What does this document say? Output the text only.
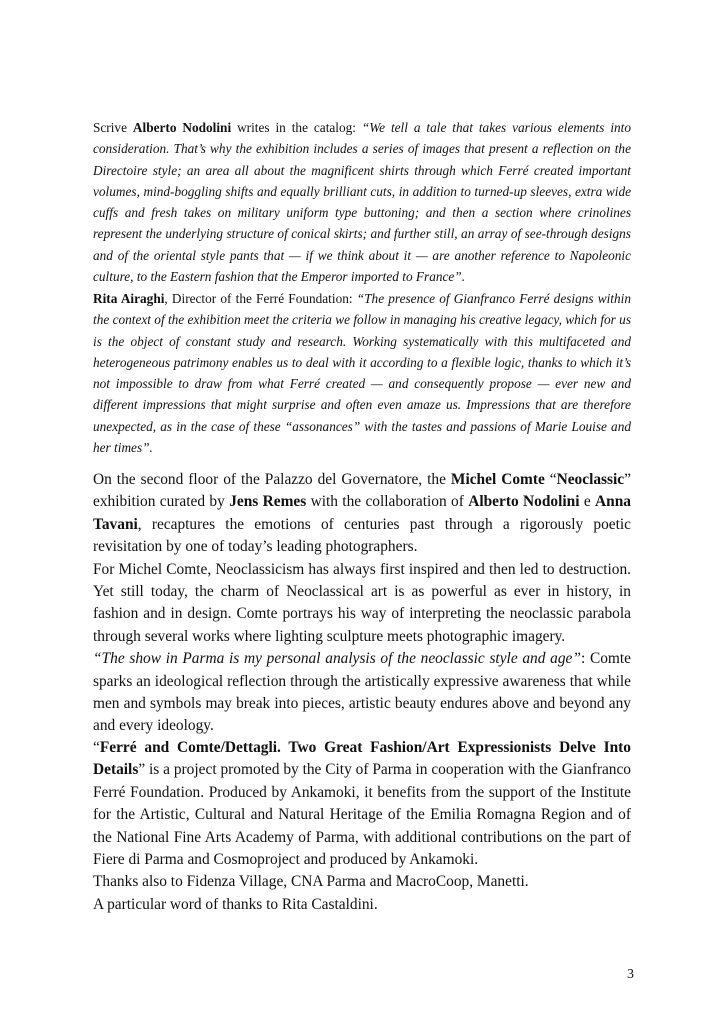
Scrive Alberto Nodolini writes in the catalog: “We tell a tale that takes various elements into consideration. That’s why the exhibition includes a series of images that present a reflection on the Directoire style; an area all about the magnificent shirts through which Ferré created important volumes, mind-boggling shifts and equally brilliant cuts, in addition to turned-up sleeves, extra wide cuffs and fresh takes on military uniform type buttoning; and then a section where crinolines represent the underlying structure of conical skirts; and further still, an array of see-through designs and of the oriental style pants that — if we think about it — are another reference to Napoleonic culture, to the Eastern fashion that the Emperor imported to France”.

Rita Airaghi, Director of the Ferré Foundation: “The presence of Gianfranco Ferré designs within the context of the exhibition meet the criteria we follow in managing his creative legacy, which for us is the object of constant study and research. Working systematically with this multifaceted and heterogeneous patrimony enables us to deal with it according to a flexible logic, thanks to which it’s not impossible to draw from what Ferré created — and consequently propose — ever new and different impressions that might surprise and often even amaze us. Impressions that are therefore unexpected, as in the case of these “assonances” with the tastes and passions of Marie Louise and her times”.

On the second floor of the Palazzo del Governatore, the Michel Comte “Neoclassic” exhibition curated by Jens Remes with the collaboration of Alberto Nodolini e Anna Tavani, recaptures the emotions of centuries past through a rigorously poetic revisitation by one of today’s leading photographers.
For Michel Comte, Neoclassicism has always first inspired and then led to destruction. Yet still today, the charm of Neoclassical art is as powerful as ever in history, in fashion and in design. Comte portrays his way of interpreting the neoclassic parabola through several works where lighting sculpture meets photographic imagery.
“The show in Parma is my personal analysis of the neoclassic style and age”: Comte sparks an ideological reflection through the artistically expressive awareness that while men and symbols may break into pieces, artistic beauty endures above and beyond any and every ideology.
“Ferré and Comte/Dettagli. Two Great Fashion/Art Expressionists Delve Into Details” is a project promoted by the City of Parma in cooperation with the Gianfranco Ferré Foundation. Produced by Ankamoki, it benefits from the support of the Institute for the Artistic, Cultural and Natural Heritage of the Emilia Romagna Region and of the National Fine Arts Academy of Parma, with additional contributions on the part of Fiere di Parma and Cosmoproject and produced by Ankamoki.
Thanks also to Fidenza Village, CNA Parma and MacroCoop, Manetti.
A particular word of thanks to Rita Castaldini.
3
